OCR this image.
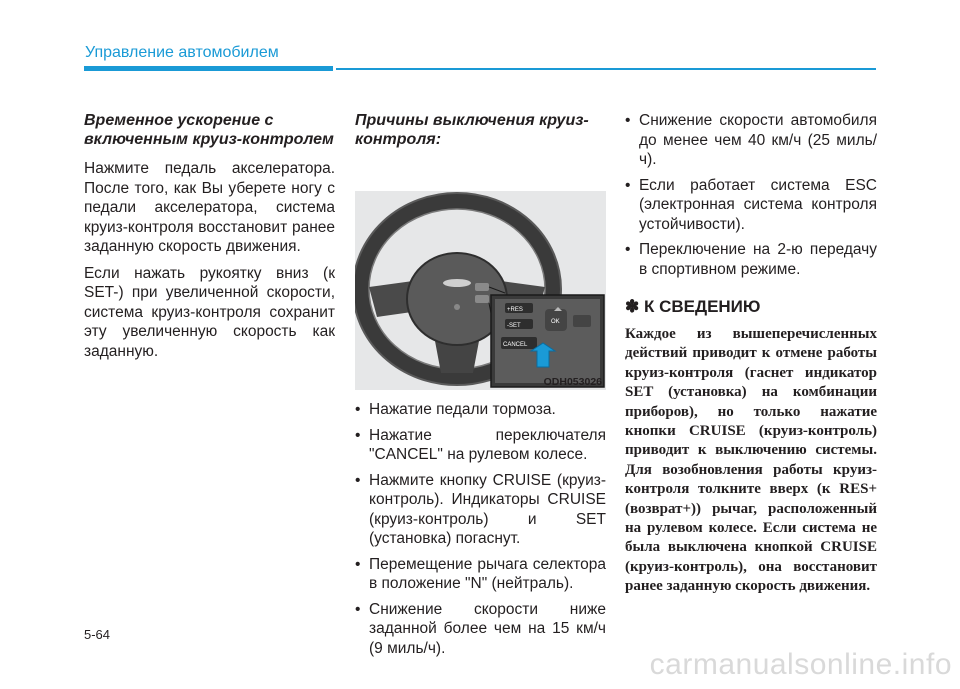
Управление автомобилем

Временное ускорение с включенным круиз-контролем

Нажмите педаль акселератора. После того, как Вы уберете ногу с педали акселератора, система круиз-контроля восстановит ранее заданную скорость движения.

Если нажать рукоятку вниз (к SET-) при увеличенной скорости, система круиз-контроля сохранит эту увеличенную скорость как заданную.

Причины выключения круиз-контроля:

+RES
-SET
CANCEL
OK
ODH053026
• Нажатие педали тормоза.
• Нажатие переключателя "CANCEL" на рулевом колесе.
• Нажмите кнопку CRUISE (круиз-контроль). Индикаторы CRUISE (круиз-контроль) и SET (установка) погаснут.
• Перемещение рычага селектора в положение "N" (нейтраль).
• Снижение скорости ниже заданной более чем на 15 км/ч (9 миль/ч).
• Снижение скорости автомобиля до менее чем 40 км/ч (25 миль/ч).
• Если работает система ESC (электронная система контроля устойчивости).
• Переключение на 2-ю передачу в спортивном режиме.
✽ К СВЕДЕНИЮ
Каждое из вышеперечисленных действий приводит к отмене работы круиз-контроля (гаснет индикатор SET (установка) на комбинации приборов), но только нажатие кнопки CRUISE (круиз-контроль) приводит к выключению системы. Для возобновления работы круиз-контроля толкните вверх (к RES+ (возврат+)) рычаг, расположенный на рулевом колесе. Если система не была выключена кнопкой CRUISE (круиз-контроль), она восстановит ранее заданную скорость движения.
5-64
carmanualsonline.info
